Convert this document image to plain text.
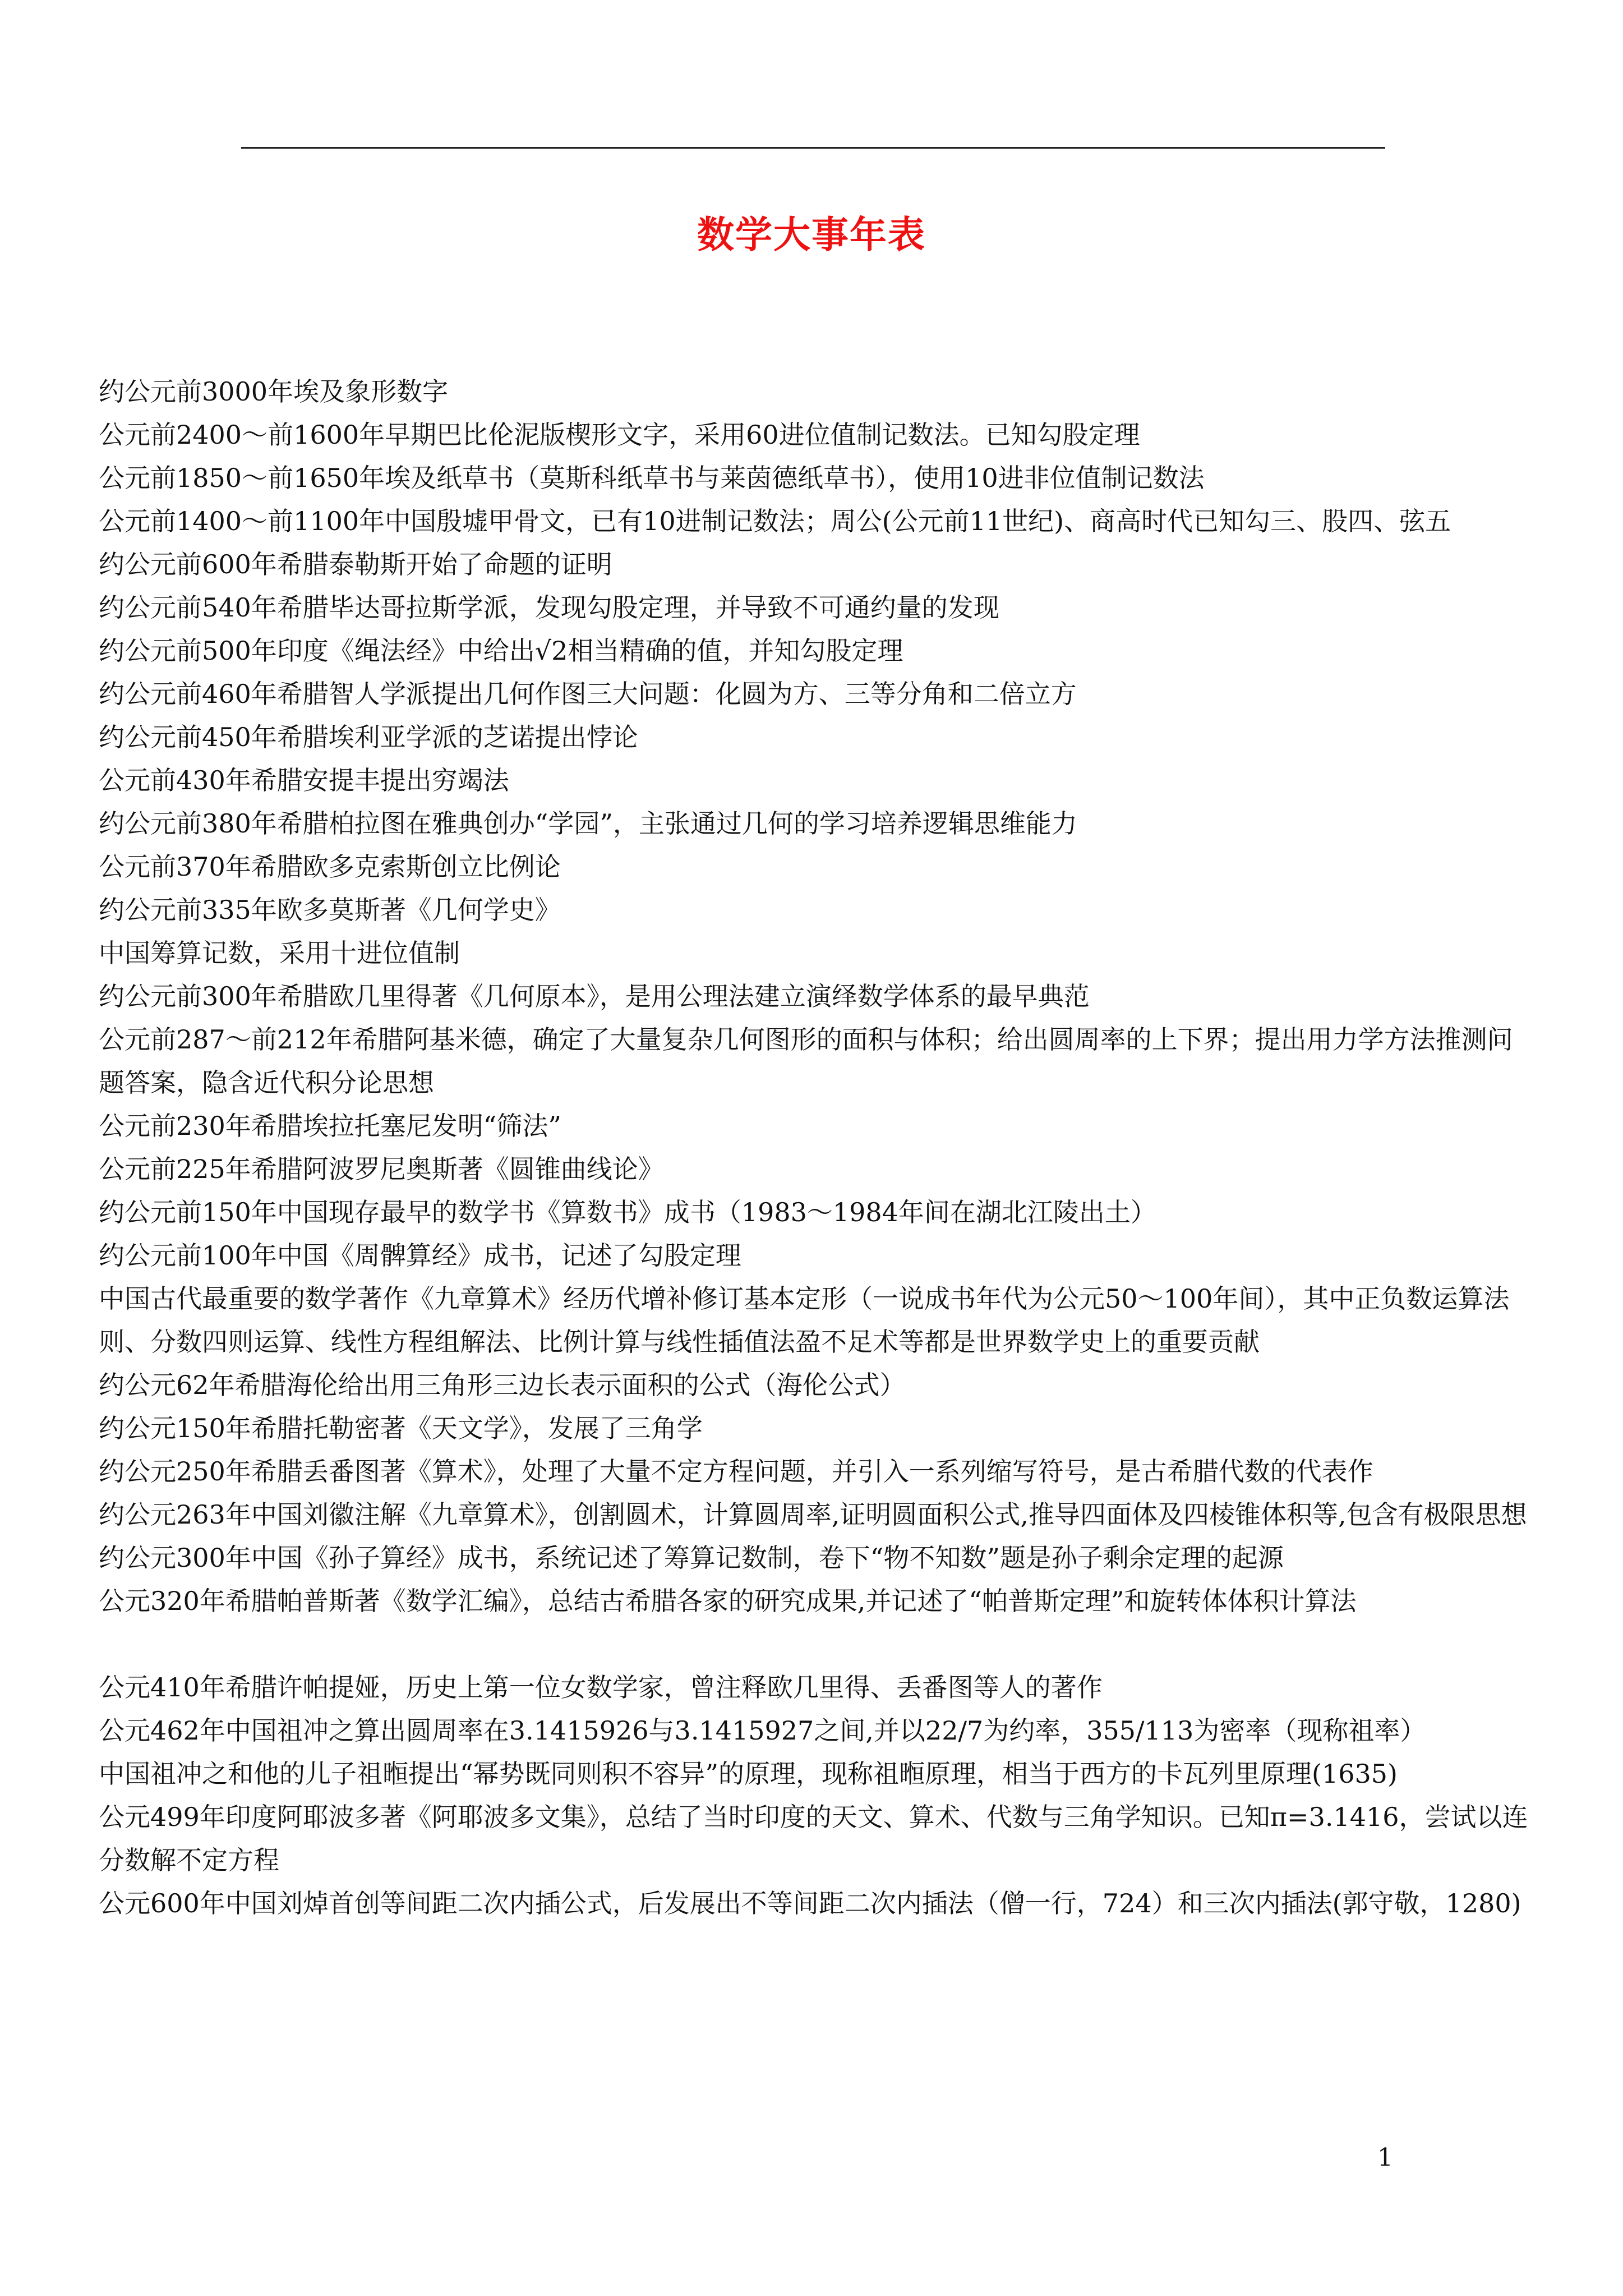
数学大事年表
约公元前3000年埃及象形数字
公元前2400～前1600年早期巴比伦泥版楔形文字，采用60进位值制记数法。已知勾股定理
公元前1850～前1650年埃及纸草书（莫斯科纸草书与莱茵德纸草书），使用10进非位值制记数法
公元前1400～前1100年中国殷墟甲骨文，已有10进制记数法；周公(公元前11世纪)、商高时代已知勾三、股四、弦五
约公元前600年希腊泰勒斯开始了命题的证明
约公元前540年希腊毕达哥拉斯学派，发现勾股定理，并导致不可通约量的发现
约公元前500年印度《绳法经》中给出√2相当精确的值，并知勾股定理
约公元前460年希腊智人学派提出几何作图三大问题：化圆为方、三等分角和二倍立方
约公元前450年希腊埃利亚学派的芝诺提出悖论
公元前430年希腊安提丰提出穷竭法
约公元前380年希腊柏拉图在雅典创办“学园”，主张通过几何的学习培养逻辑思维能力
公元前370年希腊欧多克索斯创立比例论
约公元前335年欧多莫斯著《几何学史》
中国筹算记数，采用十进位值制
约公元前300年希腊欧几里得著《几何原本》，是用公理法建立演绎数学体系的最早典范
公元前287～前212年希腊阿基米德，确定了大量复杂几何图形的面积与体积；给出圆周率的上下界；提出用力学方法推测问题答案，隐含近代积分论思想
公元前230年希腊埃拉托塞尼发明“筛法”
公元前225年希腊阿波罗尼奥斯著《圆锥曲线论》
约公元前150年中国现存最早的数学书《算数书》成书（1983～1984年间在湖北江陵出土）
约公元前100年中国《周髀算经》成书，记述了勾股定理
中国古代最重要的数学著作《九章算术》经历代增补修订基本定形（一说成书年代为公元50～100年间），其中正负数运算法则、分数四则运算、线性方程组解法、比例计算与线性插值法盈不足术等都是世界数学史上的重要贡献
约公元62年希腊海伦给出用三角形三边长表示面积的公式（海伦公式）
约公元150年希腊托勒密著《天文学》，发展了三角学
约公元250年希腊丢番图著《算术》，处理了大量不定方程问题，并引入一系列缩写符号，是古希腊代数的代表作
约公元263年中国刘徽注解《九章算术》，创割圆术，计算圆周率,证明圆面积公式,推导四面体及四棱锥体积等,包含有极限思想
约公元300年中国《孙子算经》成书，系统记述了筹算记数制，卷下“物不知数”题是孙子剩余定理的起源
公元320年希腊帕普斯著《数学汇编》，总结古希腊各家的研究成果,并记述了“帕普斯定理”和旋转体体积计算法
公元410年希腊许帕提娅，历史上第一位女数学家，曾注释欧几里得、丢番图等人的著作
公元462年中国祖冲之算出圆周率在3.1415926与3.1415927之间,并以22/7为约率，355/113为密率（现称祖率）
中国祖冲之和他的儿子祖暅提出“幂势既同则积不容异”的原理，现称祖暅原理，相当于西方的卡瓦列里原理(1635)
公元499年印度阿耶波多著《阿耶波多文集》，总结了当时印度的天文、算术、代数与三角学知识。已知π=3.1416，尝试以连分数解不定方程
公元600年中国刘焯首创等间距二次内插公式，后发展出不等间距二次内插法（僧一行，724）和三次内插法(郭守敬，1280)
1
